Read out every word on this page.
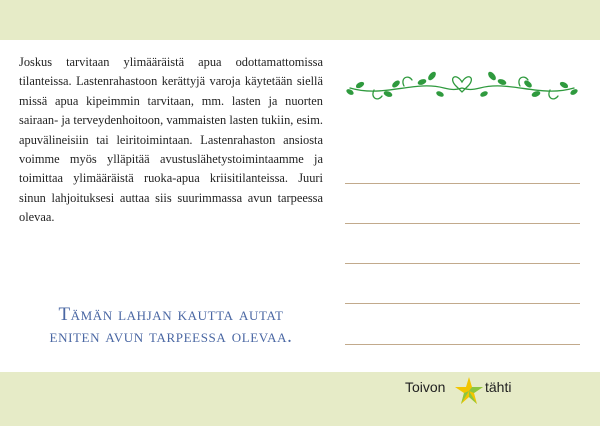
Joskus tarvitaan ylimääräistä apua odottamattomissa tilanteissa. Lastenrahastoon kerättyjä varoja käytetään siellä missä apua kipeimmin tarvitaan, mm. lasten ja nuorten sairaan- ja terveydenhoitoon, vammaisten lasten tukiin, esim. apuvälineisiin tai leiritoimintaan. Lastenrahaston ansiosta voimme myös ylläpitää avustuslähetystoimintaamme ja toimittaa ylimääräistä ruoka-apua kriisitilanteissa. Juuri sinun lahjoituksesi auttaa siis suurimmassa avun tarpeessa olevaa.

Tämän lahjan kautta autat
eniten avun tarpeessa olevaa.

Toivon	tähti
